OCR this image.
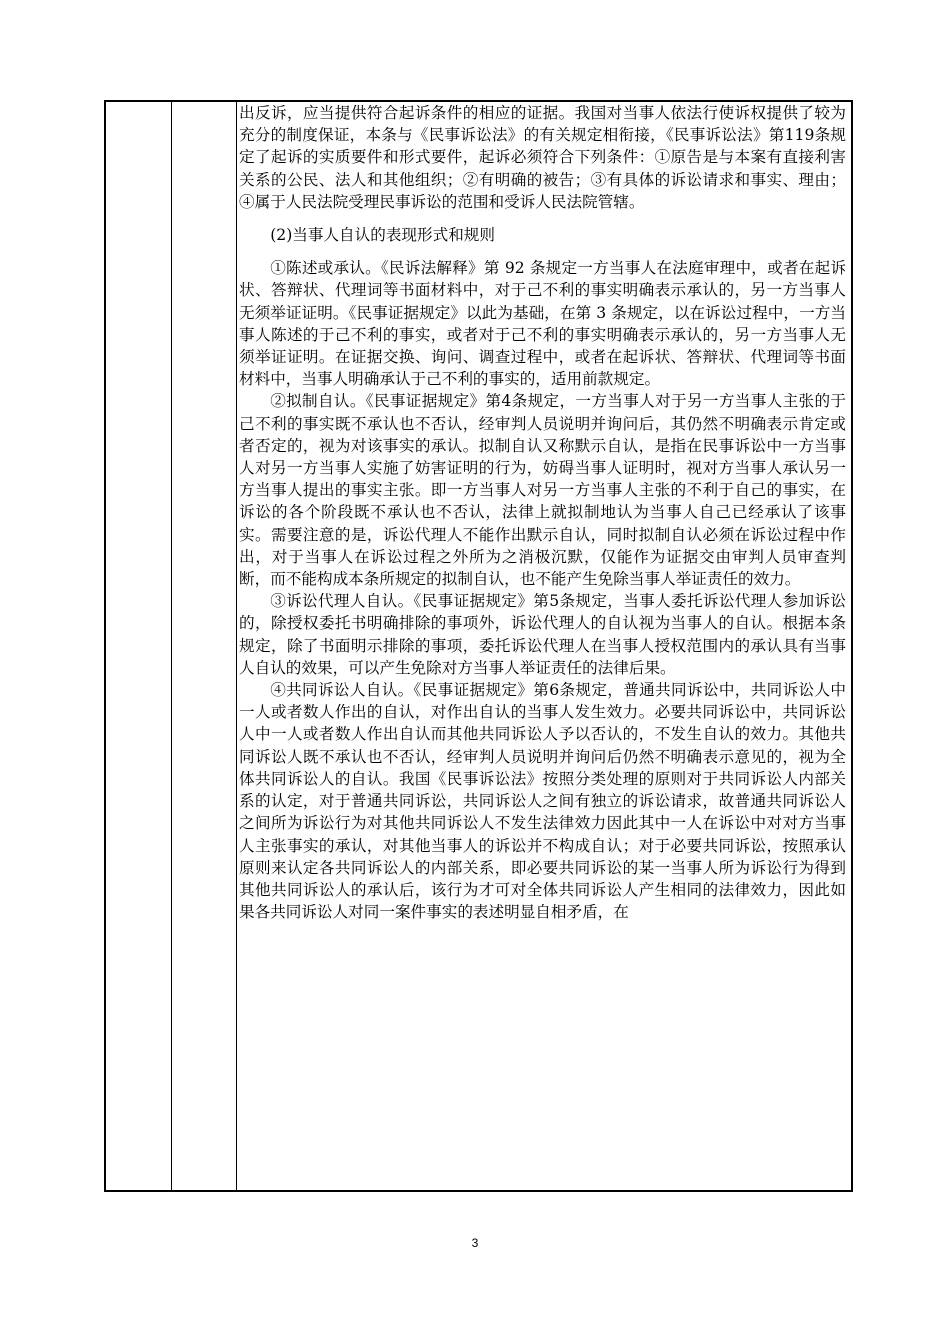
出反诉，应当提供符合起诉条件的相应的证据。我国对当事人依法行使诉权提供了较为充分的制度保证，本条与《民事诉讼法》的有关规定相衔接，《民事诉讼法》第119条规定了起诉的实质要件和形式要件，起诉必须符合下列条件：①原告是与本案有直接利害关系的公民、法人和其他组织；②有明确的被告；③有具体的诉讼请求和事实、理由；④属于人民法院受理民事诉讼的范围和受诉人民法院管辖。

(2)当事人自认的表现形式和规则

①陈述或承认。《民诉法解释》第 92 条规定一方当事人在法庭审理中，或者在起诉状、答辩状、代理词等书面材料中，对于己不利的事实明确表示承认的，另一方当事人无须举证证明。《民事证据规定》以此为基础，在第 3 条规定，以在诉讼过程中，一方当事人陈述的于己不利的事实，或者对于己不利的事实明确表示承认的，另一方当事人无须举证证明。在证据交换、询问、调查过程中，或者在起诉状、答辩状、代理词等书面材料中，当事人明确承认于己不利的事实的，适用前款规定。

②拟制自认。《民事证据规定》第4条规定，一方当事人对于另一方当事人主张的于己不利的事实既不承认也不否认，经审判人员说明并询问后，其仍然不明确表示肯定或者否定的，视为对该事实的承认。拟制自认又称默示自认，是指在民事诉讼中一方当事人对另一方当事人实施了妨害证明的行为，妨碍当事人证明时，视对方当事人承认另一方当事人提出的事实主张。即一方当事人对另一方当事人主张的不利于自己的事实，在诉讼的各个阶段既不承认也不否认，法律上就拟制地认为当事人自己已经承认了该事实。需要注意的是，诉讼代理人不能作出默示自认，同时拟制自认必须在诉讼过程中作出，对于当事人在诉讼过程之外所为之消极沉默，仅能作为证据交由审判人员审查判断，而不能构成本条所规定的拟制自认，也不能产生免除当事人举证责任的效力。

③诉讼代理人自认。《民事证据规定》第5条规定，当事人委托诉讼代理人参加诉讼的，除授权委托书明确排除的事项外，诉讼代理人的自认视为当事人的自认。根据本条规定，除了书面明示排除的事项，委托诉讼代理人在当事人授权范围内的承认具有当事人自认的效果，可以产生免除对方当事人举证责任的法律后果。

④共同诉讼人自认。《民事证据规定》第6条规定，普通共同诉讼中，共同诉讼人中一人或者数人作出的自认，对作出自认的当事人发生效力。必要共同诉讼中，共同诉讼人中一人或者数人作出自认而其他共同诉讼人予以否认的，不发生自认的效力。其他共同诉讼人既不承认也不否认，经审判人员说明并询问后仍然不明确表示意见的，视为全体共同诉讼人的自认。我国《民事诉讼法》按照分类处理的原则对于共同诉讼人内部关系的认定，对于普通共同诉讼，共同诉讼人之间有独立的诉讼请求，故普通共同诉讼人之间所为诉讼行为对其他共同诉讼人不发生法律效力因此其中一人在诉讼中对对方当事人主张事实的承认，对其他当事人的诉讼并不构成自认；对于必要共同诉讼，按照承认原则来认定各共同诉讼人的内部关系，即必要共同诉讼的某一当事人所为诉讼行为得到其他共同诉讼人的承认后，该行为才可对全体共同诉讼人产生相同的法律效力，因此如果各共同诉讼人对同一案件事实的表述明显自相矛盾，在

3
